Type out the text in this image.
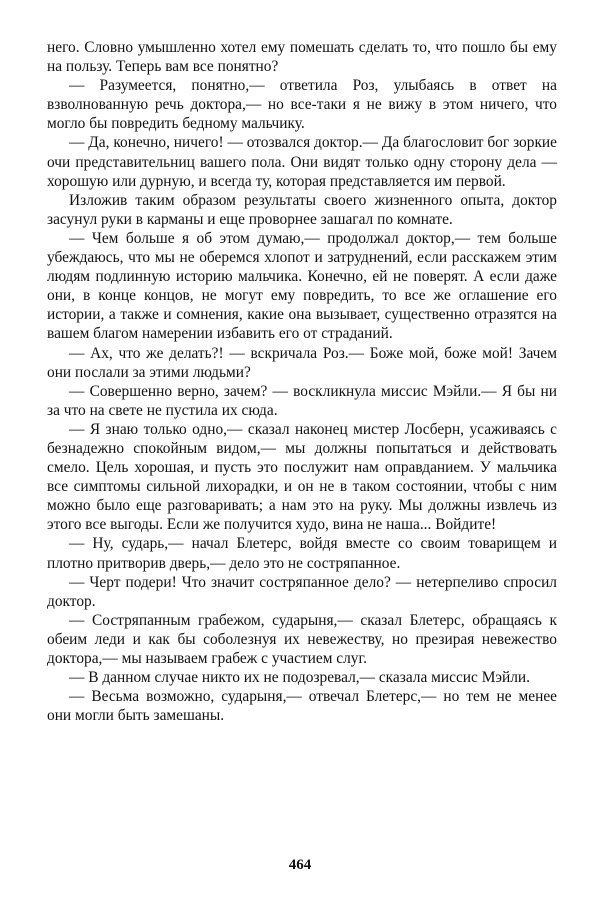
него. Словно умышленно хотел ему помешать сделать то, что пошло бы ему на пользу. Теперь вам все понятно?

— Разумеется, понятно,— ответила Роз, улыбаясь в ответ на взволнованную речь доктора,— но все-таки я не вижу в этом ничего, что могло бы повредить бедному мальчику.

— Да, конечно, ничего! — отозвался доктор.— Да благословит бог зоркие очи представительниц вашего пола. Они видят только одну сторону дела — хорошую или дурную, и всегда ту, которая представляется им первой.

Изложив таким образом результаты своего жизненного опыта, доктор засунул руки в карманы и еще проворнее зашагал по комнате.

— Чем больше я об этом думаю,— продолжал доктор,— тем больше убеждаюсь, что мы не оберемся хлопот и затруднений, если расскажем этим людям подлинную историю мальчика. Конечно, ей не поверят. А если даже они, в конце концов, не могут ему повредить, то все же оглашение его истории, а также и сомнения, какие она вызывает, существенно отразятся на вашем благом намерении избавить его от страданий.

— Ах, что же делать?! — вскричала Роз.— Боже мой, боже мой! Зачем они послали за этими людьми?

— Совершенно верно, зачем? — воскликнула миссис Мэйли.— Я бы ни за что на свете не пустила их сюда.

— Я знаю только одно,— сказал наконец мистер Лосберн, усаживаясь с безнадежно спокойным видом,— мы должны попытаться и действовать смело. Цель хорошая, и пусть это послужит нам оправданием. У мальчика все симптомы сильной лихорадки, и он не в таком состоянии, чтобы с ним можно было еще разговаривать; а нам это на руку. Мы должны извлечь из этого все выгоды. Если же получится худо, вина не наша... Войдите!

— Ну, сударь,— начал Блетерс, войдя вместе со своим товарищем и плотно притворив дверь,— дело это не состряпанное.

— Черт подери! Что значит состряпанное дело? — нетерпеливо спросил доктор.

— Состряпанным грабежом, сударыня,— сказал Блетерс, обращаясь к обеим леди и как бы соболезнуя их невежеству, но презирая невежество доктора,— мы называем грабеж с участием слуг.

— В данном случае никто их не подозревал,— сказала миссис Мэйли.

— Весьма возможно, сударыня,— отвечал Блетерс,— но тем не менее они могли быть замешаны.

464
